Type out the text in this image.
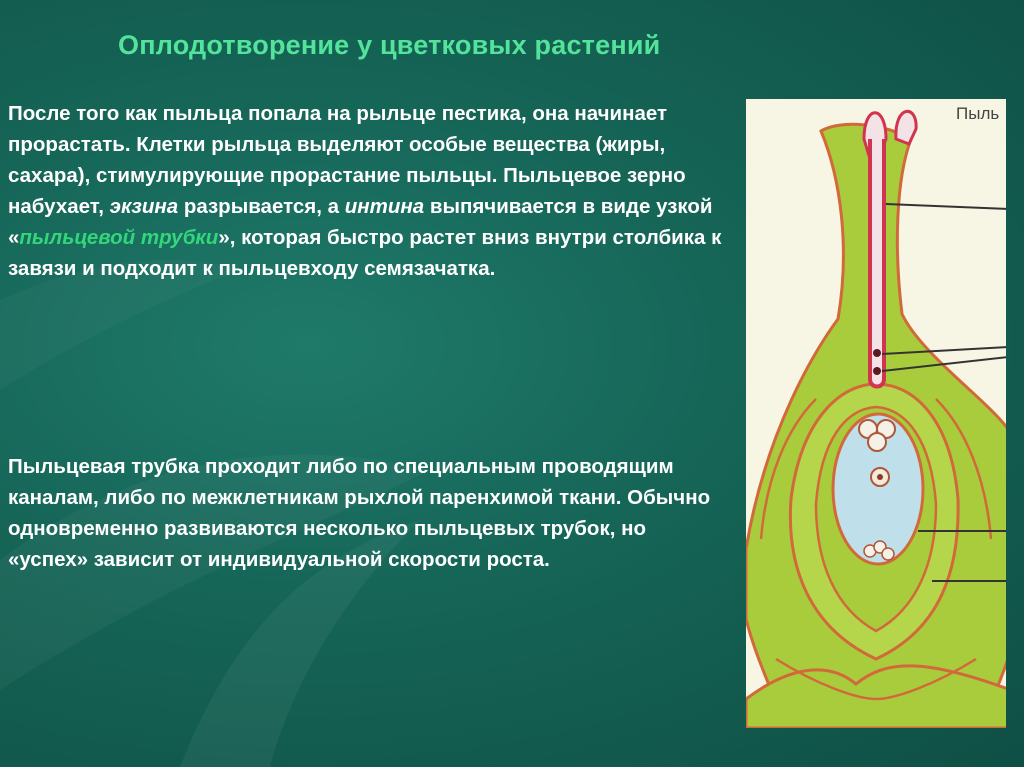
Оплодотворение у цветковых растений
После того как пыльца попала на рыльце пестика, она начинает прорастать. Клетки рыльца выделяют особые вещества (жиры, сахара), стимулирующие прорастание пыльцы. Пыльцевое зерно набухает, экзина разрывается, а интина выпячивается в виде узкой «пыльцевой трубки», которая быстро растет вниз внутри столбика к завязи и подходит к пыльцевходу семязачатка.
Пыльцевая трубка проходит либо по специальным проводящим каналам, либо по межклетникам рыхлой паренхимой ткани. Обычно одновременно развиваются несколько пыльцевых трубок, но «успех» зависит от индивидуальной скорости роста.
Пыль
